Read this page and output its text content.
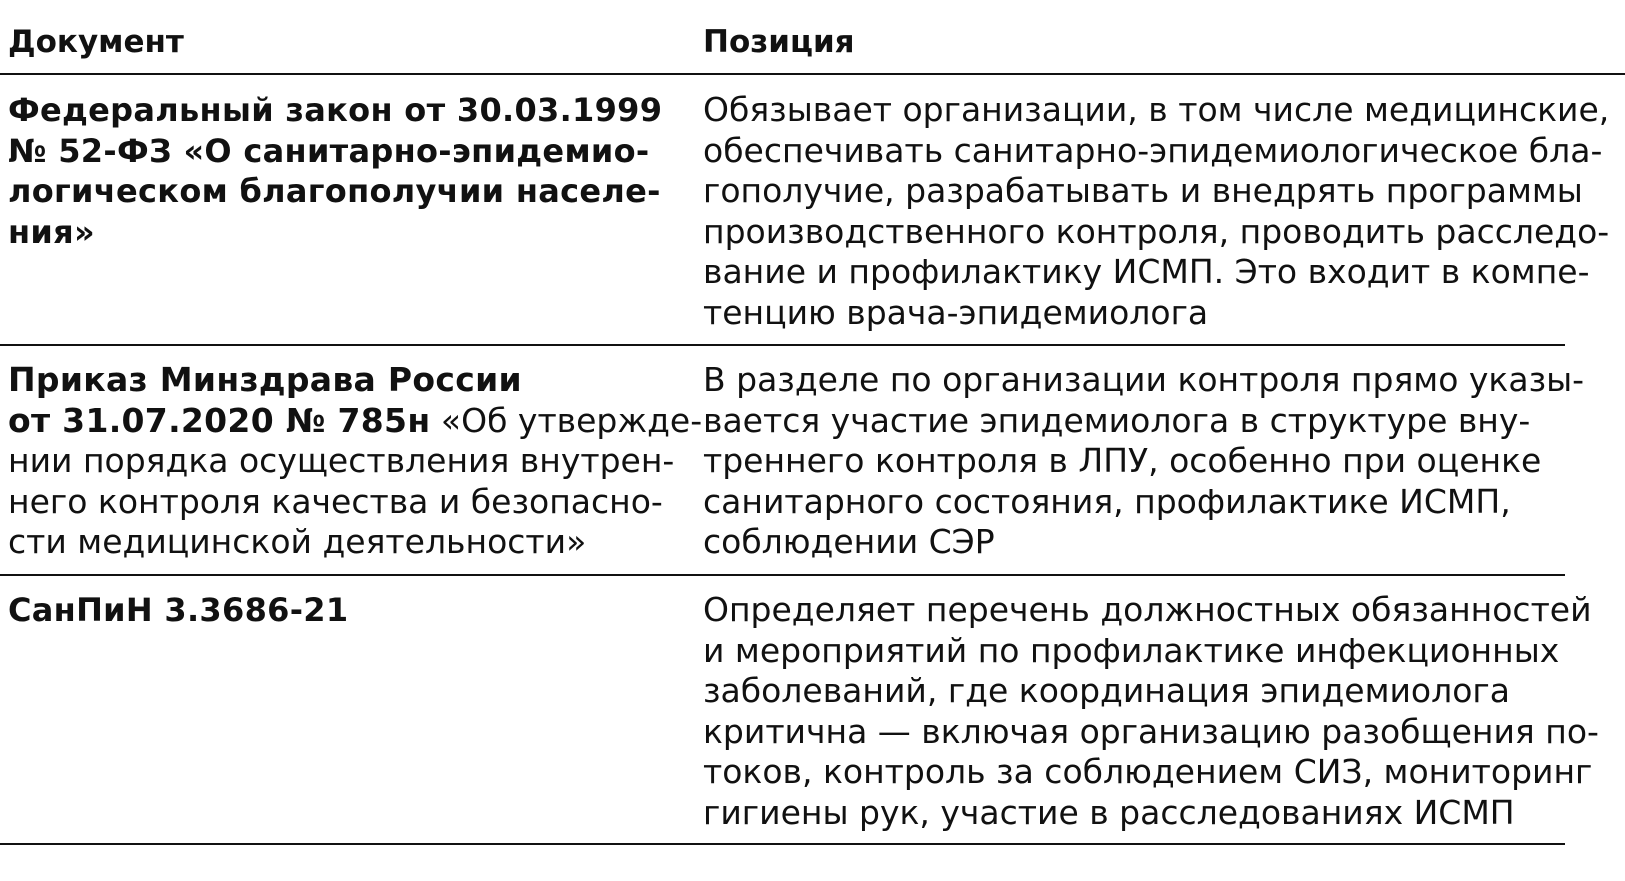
Документ	Позиция
Федеральный закон от 30.03.1999
№ 52-ФЗ «О санитарно-эпидемио-
логическом благополучии населе-
ния»
Обязывает организации, в том числе медицинские,
обеспечивать санитарно-эпидемиологическое бла-
гополучие, разрабатывать и внедрять программы
производственного контроля, проводить расследо-
вание и профилактику ИСМП. Это входит в компе-
тенцию врача-эпидемиолога
Приказ Минздрава России
от 31.07.2020 № 785н «Об утвержде-
нии порядка осуществления внутрен-
него контроля качества и безопасно-
сти медицинской деятельности»
В разделе по организации контроля прямо указы-
вается участие эпидемиолога в структуре вну-
треннего контроля в ЛПУ, особенно при оценке
санитарного состояния, профилактике ИСМП,
соблюдении СЭР
СанПиН 3.3686-21	Определяет перечень должностных обязанностей
и мероприятий по профилактике инфекционных
заболеваний, где координация эпидемиолога
критична — включая организацию разобщения по-
токов, контроль за соблюдением СИЗ, мониторинг
гигиены рук, участие в расследованиях ИСМП
